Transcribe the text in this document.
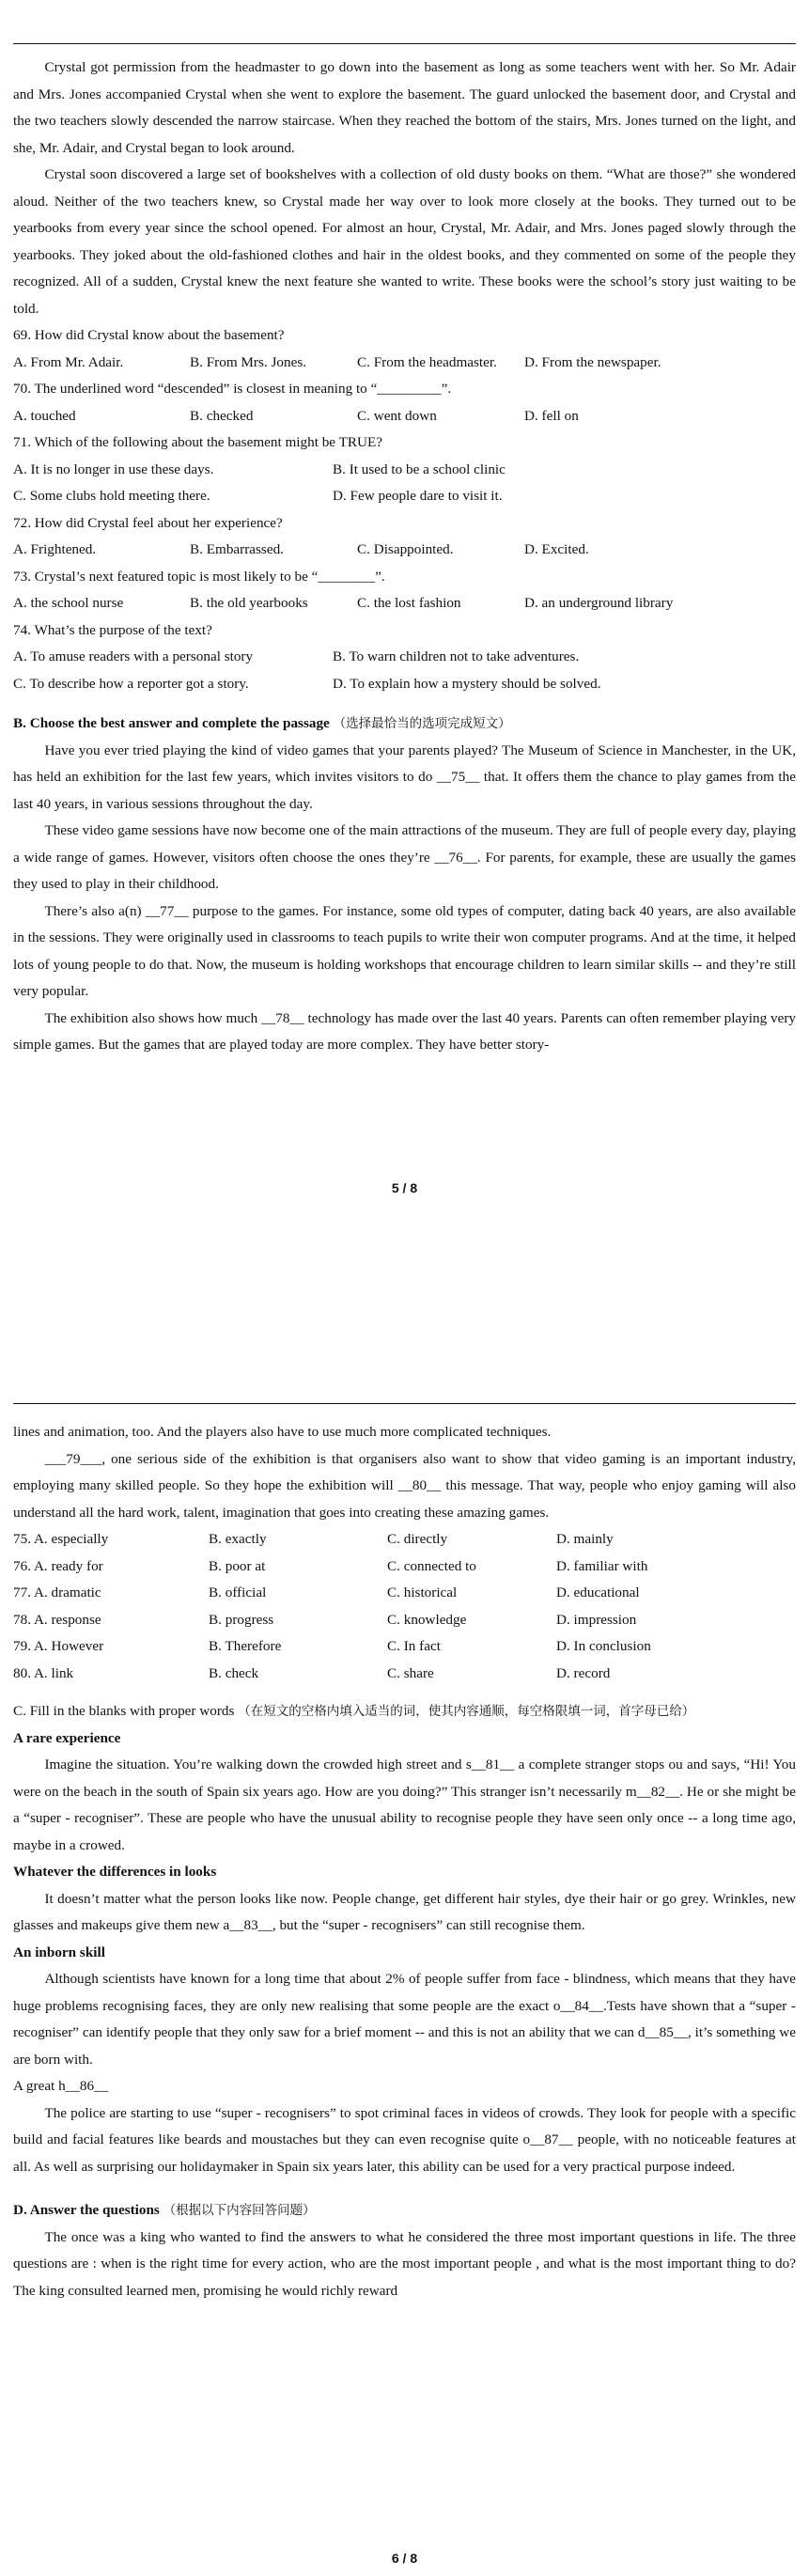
Crystal got permission from the headmaster to go down into the basement as long as some teachers went with her. So Mr. Adair and Mrs. Jones accompanied Crystal when she went to explore the basement. The guard unlocked the basement door, and Crystal and the two teachers slowly descended the narrow staircase. When they reached the bottom of the stairs, Mrs. Jones turned on the light, and she, Mr. Adair, and Crystal began to look around.

Crystal soon discovered a large set of bookshelves with a collection of old dusty books on them. “What are those?” she wondered aloud. Neither of the two teachers knew, so Crystal made her way over to look more closely at the books. They turned out to be yearbooks from every year since the school opened. For almost an hour, Crystal, Mr. Adair, and Mrs. Jones paged slowly through the yearbooks. They joked about the old-fashioned clothes and hair in the oldest books, and they commented on some of the people they recognized. All of a sudden, Crystal knew the next feature she wanted to write. These books were the school’s story just waiting to be told.

69. How did Crystal know about the basement?

A. From Mr. Adair.	B. From Mrs. Jones.	C. From the headmaster.	D. From the newspaper.

70. The underlined word “descended” is closest in meaning to “_________”.

A. touched	B. checked	C. went down	D. fell on

71. Which of the following about the basement might be TRUE?

A. It is no longer in use these days.	B. It used to be a school clinic
C. Some clubs hold meeting there.	D. Few people dare to visit it.

72. How did Crystal feel about her experience?

A. Frightened.	B. Embarrassed.	C. Disappointed.	D. Excited.

73. Crystal’s next featured topic is most likely to be “________”.

A. the school nurse	B. the old yearbooks	C. the lost fashion	D. an underground library

74. What’s the purpose of the text?

A. To amuse readers with a personal story	B. To warn children not to take adventures.
C. To describe how a reporter got a story.	D. To explain how a mystery should be solved.

B. Choose the best answer and complete the passage （选择最恰当的选项完成短文）

Have you ever tried playing the kind of video games that your parents played? The Museum of Science in Manchester, in the UK, has held an exhibition for the last few years, which invites visitors to do __75__ that. It offers them the chance to play games from the last 40 years, in various sessions throughout the day.

These video game sessions have now become one of the main attractions of the museum. They are full of people every day, playing a wide range of games. However, visitors often choose the ones they’re __76__. For parents, for example, these are usually the games they used to play in their childhood.

There’s also a(n) __77__ purpose to the games. For instance, some old types of computer, dating back 40 years, are also available in the sessions. They were originally used in classrooms to teach pupils to write their won computer programs. And at the time, it helped lots of young people to do that. Now, the museum is holding workshops that encourage children to learn similar skills -- and they’re still very popular.

The exhibition also shows how much __78__ technology has made over the last 40 years. Parents can often remember playing very simple games. But the games that are played today are more complex. They have better story-

5 / 8

lines and animation, too. And the players also have to use much more complicated techniques.

___79___, one serious side of the exhibition is that organisers also want to show that video gaming is an important industry, employing many skilled people. So they hope the exhibition will __80__ this message. That way, people who enjoy gaming will also understand all the hard work, talent, imagination that goes into creating these amazing games.

75. A. especially	B. exactly	C. directly	D. mainly
76. A. ready for	B. poor at	C. connected to	D. familiar with
77. A. dramatic	B. official	C. historical	D. educational
78. A. response	B. progress	C. knowledge	D. impression
79. A. However	B. Therefore	C. In fact	D. In conclusion
80. A. link	B. check	C. share	D. record

C. Fill in the blanks with proper words （在短文的空格内填入适当的词，使其内容通顺，每空格限填一词，首字母已给）

A rare experience

Imagine the situation. You’re walking down the crowded high street and s__81__ a complete stranger stops ou and says, “Hi! You were on the beach in the south of Spain six years ago. How are you doing?” This stranger isn’t necessarily m__82__. He or she might be a “super - recogniser”. These are people who have the unusual ability to recognise people they have seen only once -- a long time ago, maybe in a crowed.

Whatever the differences in looks

It doesn’t matter what the person looks like now. People change, get different hair styles, dye their hair or go grey. Wrinkles, new glasses and makeups give them new a__83__, but the “super - recognisers” can still recognise them.

An inborn skill

Although scientists have known for a long time that about 2% of people suffer from face - blindness, which means that they have huge problems recognising faces, they are only new realising that some people are the exact o__84__.Tests have shown that a “super - recogniser” can identify people that they only saw for a brief moment -- and this is not an ability that we can d__85__, it’s something we are born with.

A great h__86__

The police are starting to use “super - recognisers” to spot criminal faces in videos of crowds. They look for people with a specific build and facial features like beards and moustaches but they can even recognise quite o__87__ people, with no noticeable features at all. As well as surprising our holidaymaker in Spain six years later, this ability can be used for a very practical purpose indeed.

D. Answer the questions （根据以下内容回答问题）

The once was a king who wanted to find the answers to what he considered the three most important questions in life. The three questions are : when is the right time for every action, who are the most important people , and what is the most important thing to do? The king consulted learned men, promising he would richly reward

6 / 8
